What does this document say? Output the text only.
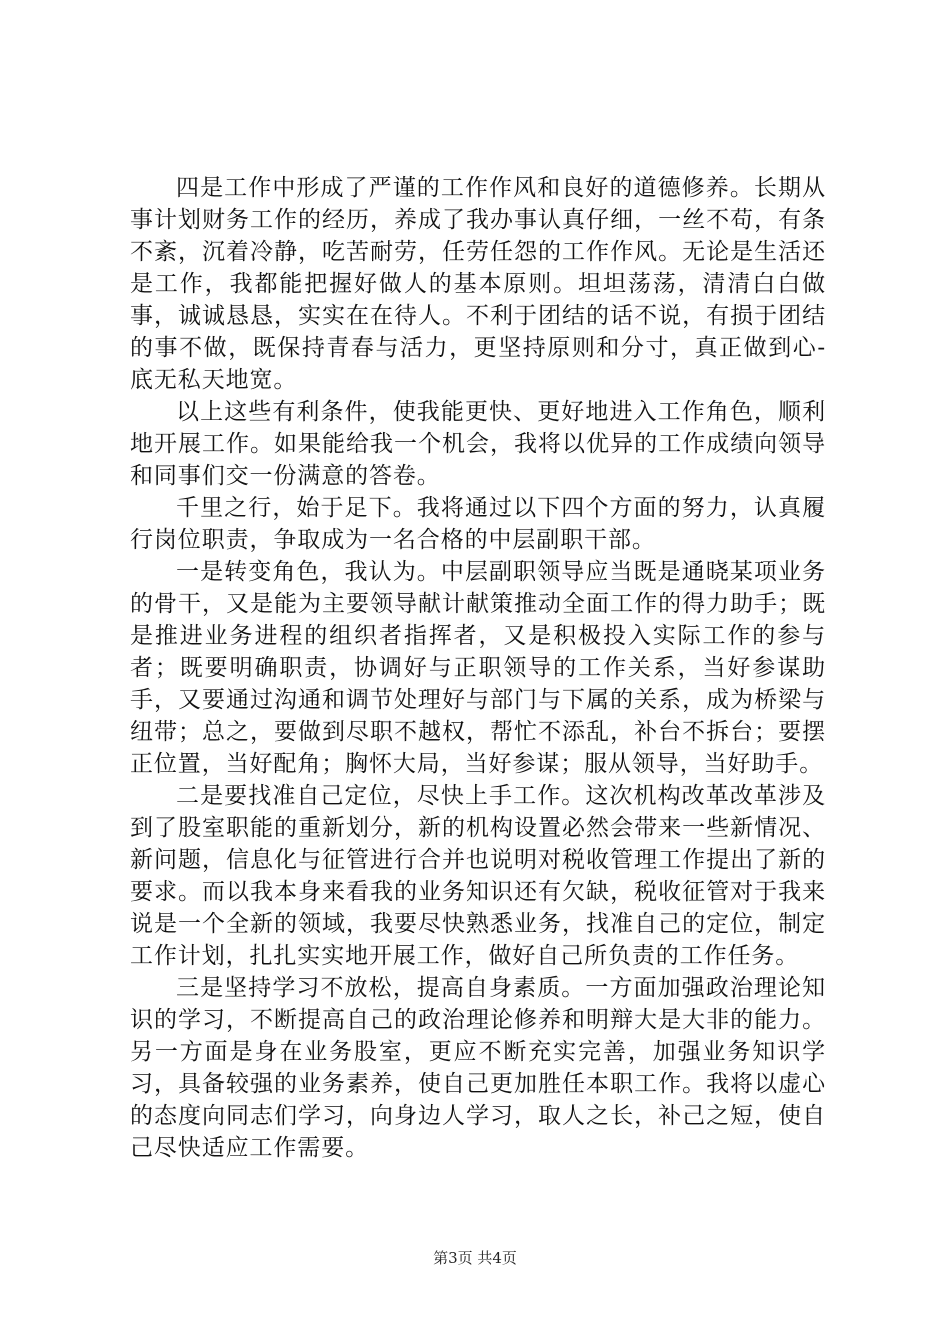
四是工作中形成了严谨的工作作风和良好的道德修养。长期从事计划财务工作的经历，养成了我办事认真仔细，一丝不苟，有条不紊，沉着冷静，吃苦耐劳，任劳任怨的工作作风。无论是生活还是工作，我都能把握好做人的基本原则。坦坦荡荡，清清白白做事，诚诚恳恳，实实在在待人。不利于团结的话不说，有损于团结的事不做，既保持青春与活力，更坚持原则和分寸，真正做到心-底无私天地宽。

以上这些有利条件，使我能更快、更好地进入工作角色，顺利地开展工作。如果能给我一个机会，我将以优异的工作成绩向领导和同事们交一份满意的答卷。

千里之行，始于足下。我将通过以下四个方面的努力，认真履行岗位职责，争取成为一名合格的中层副职干部。

一是转变角色，我认为。中层副职领导应当既是通晓某项业务的骨干，又是能为主要领导献计献策推动全面工作的得力助手；既是推进业务进程的组织者指挥者，又是积极投入实际工作的参与者；既要明确职责，协调好与正职领导的工作关系，当好参谋助手，又要通过沟通和调节处理好与部门与下属的关系，成为桥梁与纽带；总之，要做到尽职不越权，帮忙不添乱，补台不拆台；要摆正位置，当好配角；胸怀大局，当好参谋；服从领导，当好助手。

二是要找准自己定位，尽快上手工作。这次机构改革改革涉及到了股室职能的重新划分，新的机构设置必然会带来一些新情况、新问题，信息化与征管进行合并也说明对税收管理工作提出了新的要求。而以我本身来看我的业务知识还有欠缺，税收征管对于我来说是一个全新的领域，我要尽快熟悉业务，找准自己的定位，制定工作计划，扎扎实实地开展工作，做好自己所负责的工作任务。

三是坚持学习不放松，提高自身素质。一方面加强政治理论知识的学习，不断提高自己的政治理论修养和明辩大是大非的能力。另一方面是身在业务股室，更应不断充实完善，加强业务知识学习，具备较强的业务素养，使自己更加胜任本职工作。我将以虚心的态度向同志们学习，向身边人学习，取人之长，补己之短，使自己尽快适应工作需要。

第3页 共4页
